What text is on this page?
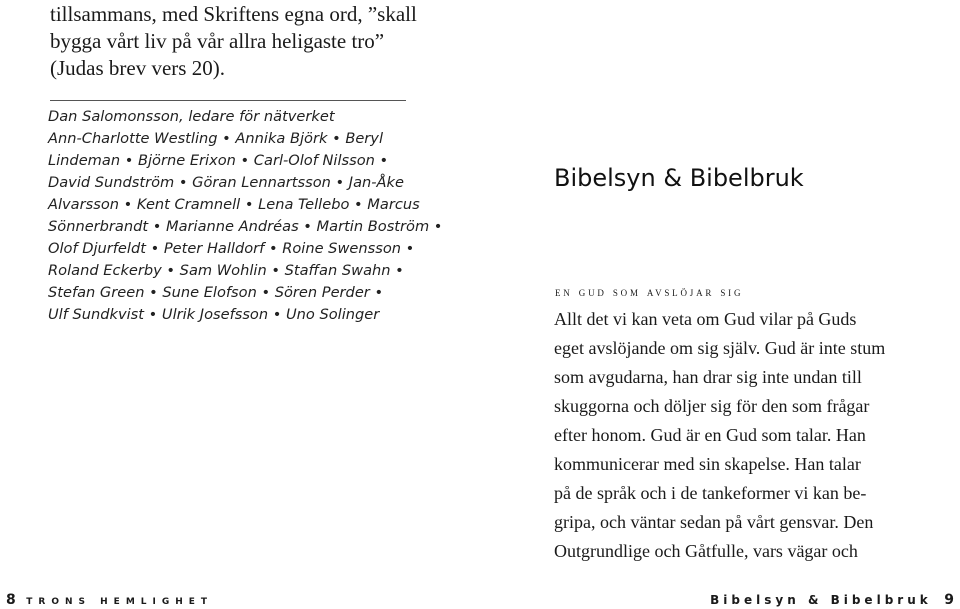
tillsammans, med Skriftens egna ord, ”skall
bygga vårt liv på vår allra heligaste tro”
(Judas brev vers 20).
Dan Salomonsson, ledare för nätverket
Ann-Charlotte Westling • Annika Björk • Beryl
Lindeman • Björne Erixon • Carl-Olof Nilsson •
David Sundström • Göran Lennartsson • Jan-Åke
Alvarsson • Kent Cramnell • Lena Tellebo • Marcus
Sönnerbrandt • Marianne Andréas • Martin Boström •
Olof Djurfeldt • Peter Halldorf • Roine Swensson •
Roland Eckerby • Sam Wohlin • Staffan Swahn •
Stefan Green • Sune Elofson • Sören Perder •
Ulf Sundkvist • Ulrik Josefsson • Uno Solinger
8 TRONS HEMLIGHET
Bibelsyn & Bibelbruk
en gud som avslöjar sig
Allt det vi kan veta om Gud vilar på Guds
eget avslöjande om sig själv. Gud är inte stum
som avgudarna, han drar sig inte undan till
skuggorna och döljer sig för den som frågar
efter honom. Gud är en Gud som talar. Han
kommunicerar med sin skapelse. Han talar
på de språk och i de tankeformer vi kan be-
gripa, och väntar sedan på vårt gensvar. Den
Outgrundlige och Gåtfulle, vars vägar och
Bibelsyn & Bibelbruk 9
